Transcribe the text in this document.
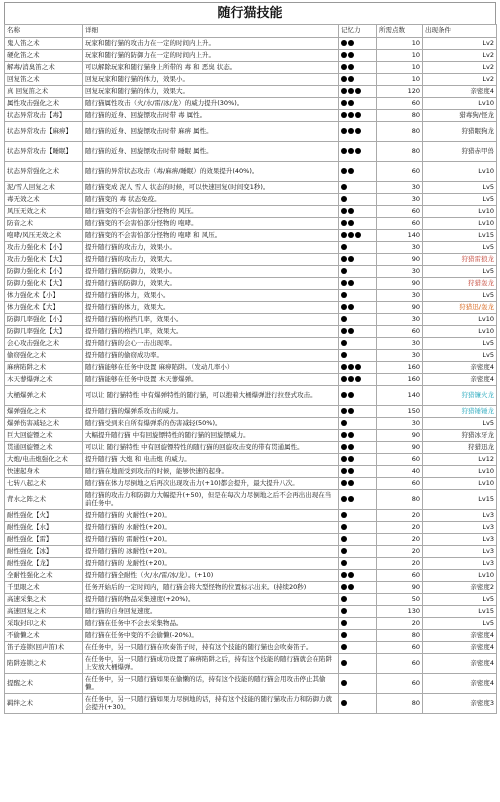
随行猫技能
名称	详细	记忆力	所需点数	出现条件
鬼人笛之术	玩家和随行猫的攻击力在一定的时间内上升。		10	Lv2
硬化笛之术	玩家和随行猫的防御力在一定的时间内上升。		10	Lv2
解毒/消臭笛之术	可以解除玩家和随行猫身上所带的 毒 和 恶臭 状态。		10	Lv2
回复笛之术	回复玩家和随行猫的体力，效果小。		10	Lv2
真 回复笛之术	回复玩家和随行猫的体力，效果大。		120	亲密度4
属性攻击强化之术	随行猫属性攻击（火/水/雷/冰/龙）的威力提升(30%)。		60	Lv10
状态异常攻击【毒】	随行猫的近身、回旋镖攻击时带 毒 属性。		80	猎毒狗/怪龙
状态异常攻击【麻痹】	随行猫的近身、回旋镖攻击时带 麻痹 属性。		80	狩猎眠狗龙
状态异常攻击【睡眠】	随行猫的近身、回旋镖攻击时带 睡眠 属性。		80	狩猎赤甲兽
状态异常强化之术	随行猫的异常状态攻击（毒/麻痹/睡眠）的效果提升(40%)。		60	Lv10
泥/雪人回复之术	随行猫变成 泥人 雪人 状态的时候，可以快速回复(时间变1秒)。		30	Lv5
毒无效之术	随行猫变的 毒 状态免疫。		30	Lv5
风压无效之术	随行猫变的不会害怕部分怪物的 风压。		60	Lv10
防音之术	随行猫变的不会害怕部分怪物的 咆哮。		60	Lv10
咆哮/风压无效之术	随行猫变的不会害怕部分怪物的 咆哮 和 风压。		140	Lv15
攻击力强化术【小】	提升随行猫的攻击力，效果小。		30	Lv5
攻击力强化术【大】	提升随行猫的攻击力，效果大。		90	狩猎雷狼龙
防御力强化术【小】	提升随行猫的防御力，效果小。		30	Lv5
防御力强化术【大】	提升随行猫的防御力，效果大。		90	狩猎轰龙
体力强化术【小】	提升随行猫的体力，效果小。		30	Lv5
体力强化术【大】	提升随行猫的体力，效果大。		90	狩猎迅/轰龙
防御几率强化【小】	提升随行猫的格挡几率，效果小。		30	Lv10
防御几率强化【大】	提升随行猫的格挡几率，效果大。		60	Lv10
会心攻击强化之术	提升随行猫的会心一击出现率。		30	Lv5
偷窃强化之术	提升随行猫的偷窃成功率。		30	Lv5
麻痹陷阱之术	随行猫能够在任务中设置 麻痹陷阱。（发动几率小）		160	亲密度4
木天蓼爆弹之术	随行猫能够在任务中设置 木天蓼爆弹。		160	亲密度4
大桶爆弹之术	可以让 随行猫特性 中有爆弹特性的随行猫，可以抱着大桶爆弹进行拉登式攻击。		140	狩猎镰火龙
爆弹强化之术	提升随行猫的爆弹系攻击的威力。		150	狩猎锤锤龙
爆弹伤害减轻之术	随行猫受到来自所有爆弹系的伤害减轻(50%)。		30	Lv5
巨大回旋镖之术	大幅提升随行猫 中有回旋镖特性的随行猫的回旋镖威力。		90	狩猎冰牙龙
贯通回旋镖之术	可以让 随行猫特性 中有回旋镖特性的随行猫的回旋攻击变的带有贯通属性。		90	狩猎迅龙
大炮/电击炮强化之术	提升随行猫 大炮 和 电击炮 的威力。		60	Lv12
快速起身术	随行猫在地面受到攻击的时候，能够快速的起身。		40	Lv10
七转八起之术	随行猫在体力尽倒地之后再次出现攻击力(+10)都会提升，最大提升八次。		60	Lv10
背水之阵之术	随行猫的攻击力和防御力大幅提升(+50)，但是在每次力尽倒地之后不会再出出现在当前任务中。		80	Lv15
耐性强化【火】	提升随行猫的 火耐性(+20)。		20	Lv3
耐性强化【水】	提升随行猫的 水耐性(+20)。		20	Lv3
耐性强化【雷】	提升随行猫的 雷耐性(+20)。		20	Lv3
耐性强化【冰】	提升随行猫的 冰耐性(+20)。		20	Lv3
耐性强化【龙】	提升随行猫的 龙耐性(+20)。		20	Lv3
全耐性强化之术	提升随行猫全耐性（火/水/雷/冰/龙）。(+10)		60	Lv10
千里眼之术	任务开始后的一定时间内，随行猫会将大型怪物的位置标示出来。(持续20秒)		90	亲密度2
高速采集之术	提升随行猫的物品采集速度(+20%)。		50	Lv5
高速回复之术	随行猫的自身回复速度。		130	Lv15
采取封印之术	随行猫在任务中不会去采集物品。		20	Lv5
不偷懒之术	随行猫在任务中变的不会偷懒(-20%)。		80	亲密度4
笛子连锁(回声笛)术	在任务中，另一只随行猫在吹奏笛子时，持有这个技能的随行猫也会吹奏笛子。		60	亲密度4
陷阱连锁之术	在任务中，另一只随行猫成功设置了麻痹陷阱之后，持有这个技能的随行猫就会在陷阱上安放大桶爆弹。		60	亲密度4
提醒之术	在任务中，另一只随行猫如果在偷懒的话，持有这个技能的随行猫会用攻击停止其偷懒。		60	亲密度4
羁绊之术	在任务中，另一只随行猫如果力尽倒地的话，持有这个技能的随行猫攻击力和防御力就会提升(+30)。		80	亲密度3
